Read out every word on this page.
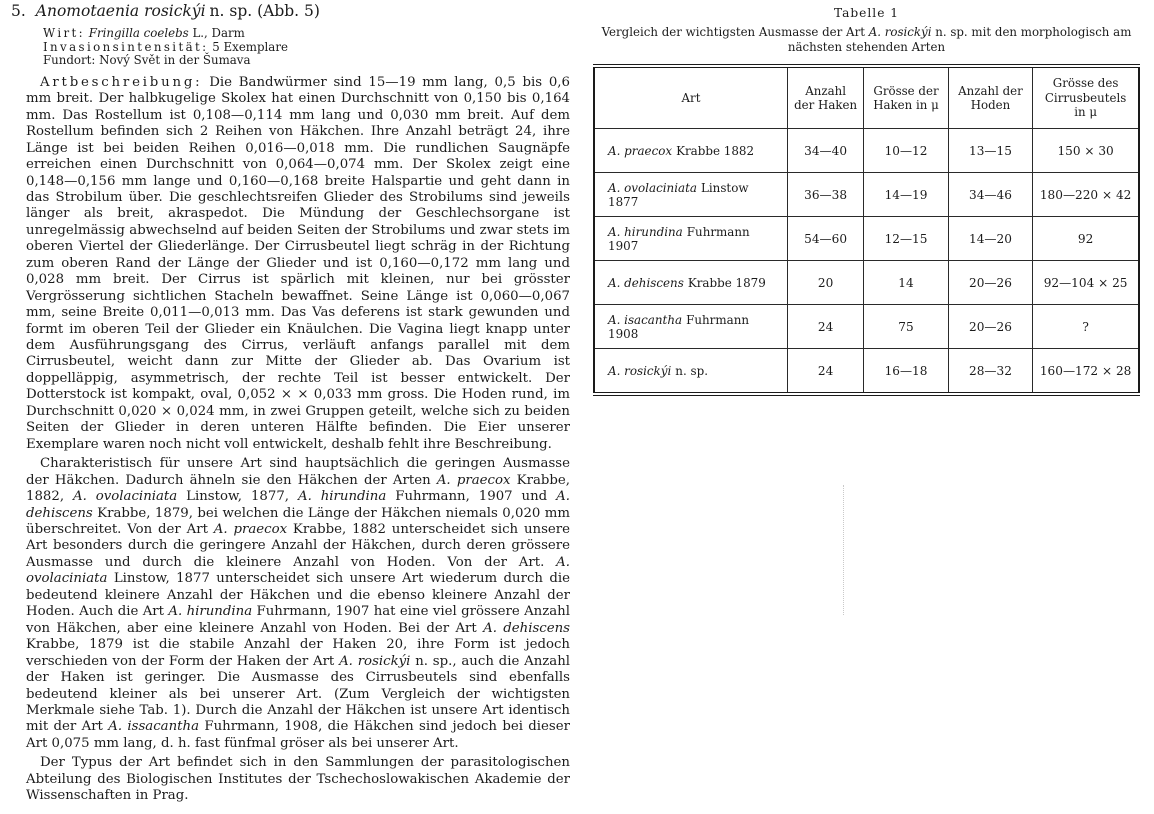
5. Anomotaenia rosickýi n. sp. (Abb. 5)
Wirt: Fringilla coelebs L., Darm
Invasionsintensität: 5 Exemplare
Fundort: Nový Svět in der Šumava

Artbeschreibung: Die Bandwürmer sind 15—19 mm lang, 0,5 bis 0,6 mm breit. Der halbkugelige Skolex hat einen Durchschnitt von 0,150 bis 0,164 mm. Das Rostellum ist 0,108—0,114 mm lang und 0,030 mm breit. Auf dem Rostellum befinden sich 2 Reihen von Häkchen. Ihre Anzahl beträgt 24, ihre Länge ist bei beiden Reihen 0,016—0,018 mm. Die rundlichen Saugnäpfe erreichen einen Durchschnitt von 0,064—0,074 mm. Der Skolex zeigt eine 0,148—0,156 mm lange und 0,160—0,168 breite Halspartie und geht dann in das Strobilum über. Die geschlechtsreifen Glieder des Strobilums sind jeweils länger als breit, akraspedot. Die Mündung der Geschlechsorgane ist unregelmässig abwechselnd auf beiden Seiten der Strobilums und zwar stets im oberen Viertel der Gliederlänge. Der Cirrusbeutel liegt schräg in der Richtung zum oberen Rand der Länge der Glieder und ist 0,160—0,172 mm lang und 0,028 mm breit. Der Cirrus ist spärlich mit kleinen, nur bei grösster Vergrösserung sichtlichen Stacheln bewaffnet. Seine Länge ist 0,060—0,067 mm, seine Breite 0,011—0,013 mm. Das Vas deferens ist stark gewunden und formt im oberen Teil der Glieder ein Knäulchen. Die Vagina liegt knapp unter dem Ausführungsgang des Cirrus, verläuft anfangs parallel mit dem Cirrusbeutel, weicht dann zur Mitte der Glieder ab. Das Ovarium ist doppelläppig, asymmetrisch, der rechte Teil ist besser entwickelt. Der Dotterstock ist kompakt, oval, 0,052 × × 0,033 mm gross. Die Hoden rund, im Durchschnitt 0,020 × 0,024 mm, in zwei Gruppen geteilt, welche sich zu beiden Seiten der Glieder in deren unteren Hälfte befinden. Die Eier unserer Exemplare waren noch nicht voll entwickelt, deshalb fehlt ihre Beschreibung.

Charakteristisch für unsere Art sind hauptsächlich die geringen Ausmasse der Häkchen. Dadurch ähneln sie den Häkchen der Arten A. praecox Krabbe, 1882, A. ovolaciniata Linstow, 1877, A. hirundina Fuhrmann, 1907 und A. dehiscens Krabbe, 1879, bei welchen die Länge der Häkchen niemals 0,020 mm überschreitet. Von der Art A. praecox Krabbe, 1882 unterscheidet sich unsere Art besonders durch die geringere Anzahl der Häkchen, durch deren grössere Ausmasse und durch die kleinere Anzahl von Hoden. Von der Art. A. ovolaciniata Linstow, 1877 unterscheidet sich unsere Art wiederum durch die bedeutend kleinere Anzahl der Häkchen und die ebenso kleinere Anzahl der Hoden. Auch die Art A. hirundina Fuhrmann, 1907 hat eine viel grössere Anzahl von Häkchen, aber eine kleinere Anzahl von Hoden. Bei der Art A. dehiscens Krabbe, 1879 ist die stabile Anzahl der Haken 20, ihre Form ist jedoch verschieden von der Form der Haken der Art A. rosickýi n. sp., auch die Anzahl der Haken ist geringer. Die Ausmasse des Cirrusbeutels sind ebenfalls bedeutend kleiner als bei unserer Art. (Zum Vergleich der wichtigsten Merkmale siehe Tab. 1). Durch die Anzahl der Häkchen ist unsere Art identisch mit der Art A. issacantha Fuhrmann, 1908, die Häkchen sind jedoch bei dieser Art 0,075 mm lang, d. h. fast fünfmal gröser als bei unserer Art.

Der Typus der Art befindet sich in den Sammlungen der parasitologischen Abteilung des Biologischen Institutes der Tschechoslowakischen Akademie der Wissenschaften in Prag.

Tabelle 1
Vergleich der wichtigsten Ausmasse der Art A. rosickýi n. sp. mit den morphologisch am nächsten stehenden Arten
Art	Anzahl der Haken	Grösse der Haken in μ	Anzahl der Hoden	Grösse des Cirrusbeutels in μ
A. praecox Krabbe 1882	34—40	10—12	13—15	150 × 30
A. ovolaciniata Linstow 1877	36—38	14—19	34—46	180—220 × 42
A. hirundina Fuhrmann 1907	54—60	12—15	14—20	92
A. dehiscens Krabbe 1879	20	14	20—26	92—104 × 25
A. isacantha Fuhrmann 1908	24	75	20—26	?
A. rosickýi n. sp.	24	16—18	28—32	160—172 × 28
